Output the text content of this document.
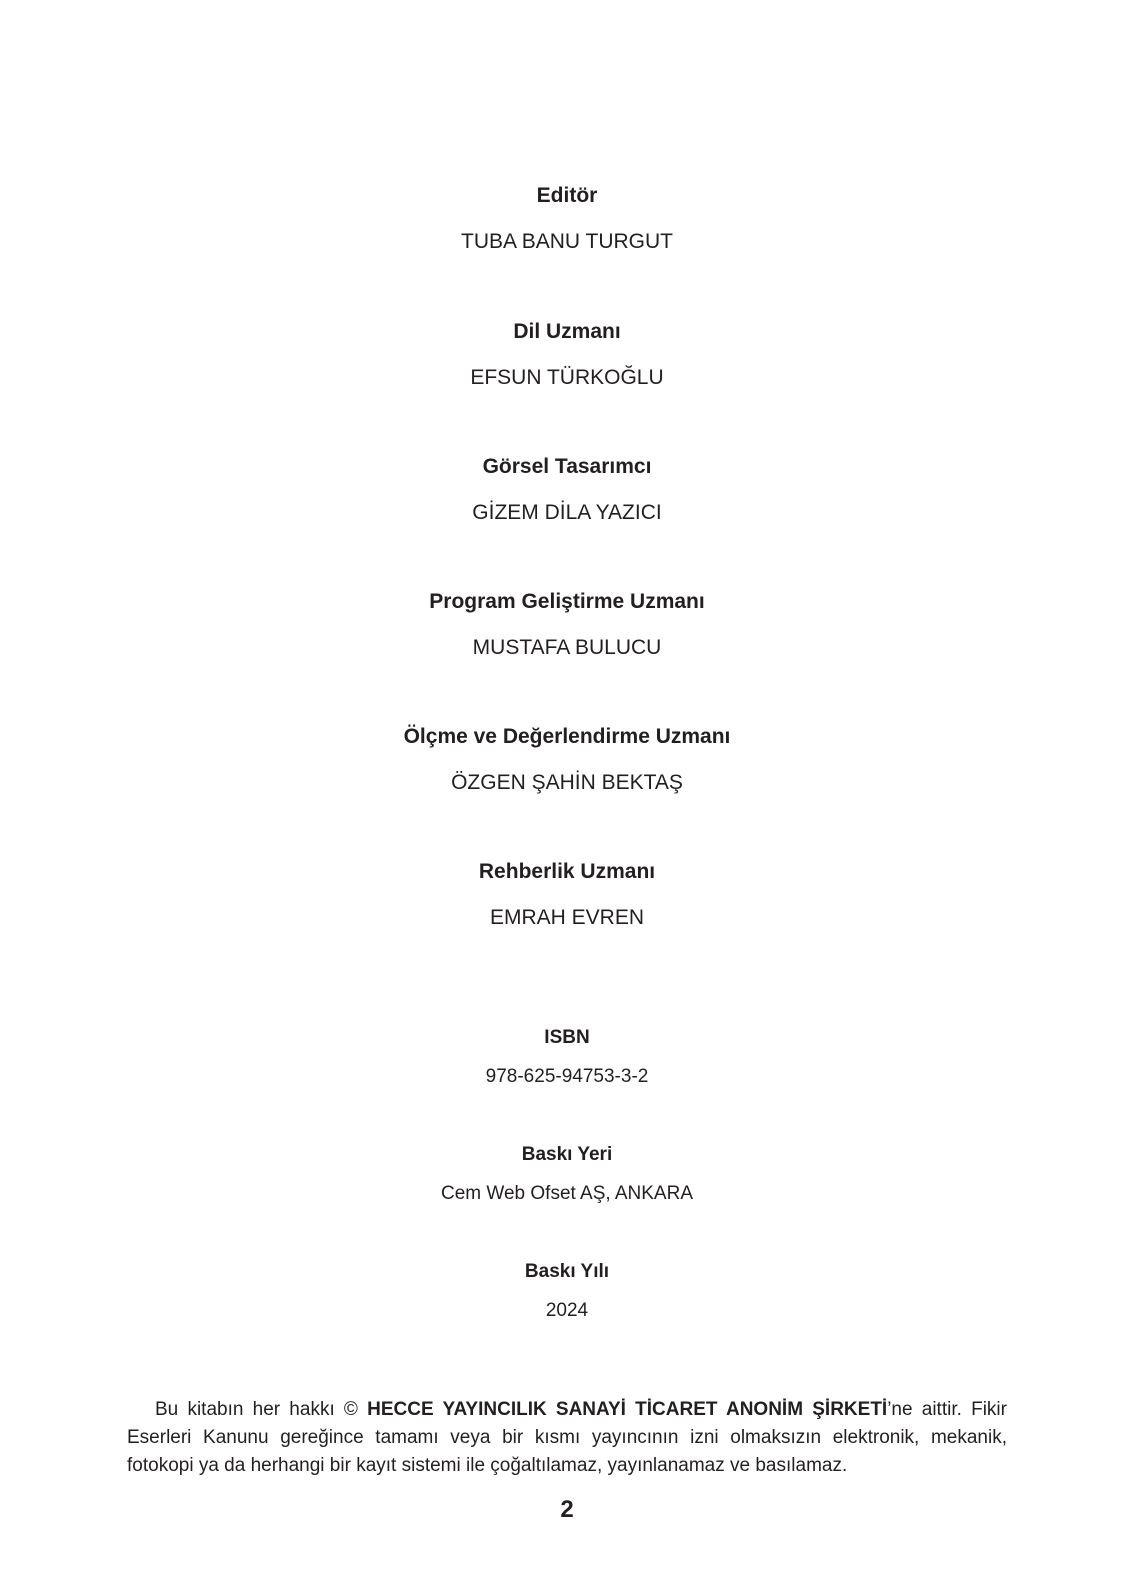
Editör
TUBA BANU TURGUT
Dil Uzmanı
EFSUN TÜRKOĞLU
Görsel Tasarımcı
GİZEM DİLA YAZICI
Program Geliştirme Uzmanı
MUSTAFA BULUCU
Ölçme ve Değerlendirme Uzmanı
ÖZGEN ŞAHİN BEKTAŞ
Rehberlik Uzmanı
EMRAH EVREN
ISBN
978-625-94753-3-2
Baskı Yeri
Cem Web Ofset AŞ, ANKARA
Baskı Yılı
2024
Bu kitabın her hakkı © HECCE YAYINCILIK SANAYİ TİCARET ANONİM ŞİRKETİ’ne aittir. Fikir Eserleri Kanunu gereğince tamamı veya bir kısmı yayıncının izni olmaksızın elektronik, mekanik, fotokopi ya da herhangi bir kayıt sistemi ile çoğaltılamaz, yayınlanamaz ve basılamaz.
2
